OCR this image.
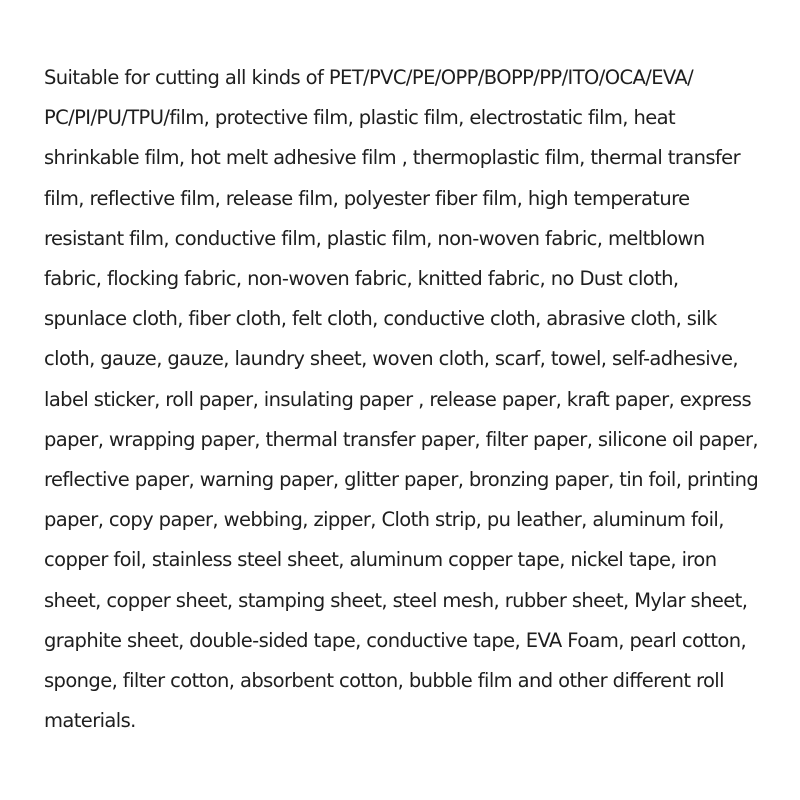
Suitable for cutting all kinds of PET/PVC/PE/OPP/BOPP/PP/ITO/OCA/EVA/
PC/PI/PU/TPU/film, protective film, plastic film, electrostatic film, heat
shrinkable film, hot melt adhesive film , thermoplastic film, thermal transfer
film, reflective film, release film, polyester fiber film, high temperature
resistant film, conductive film, plastic film, non-woven fabric, meltblown
fabric, flocking fabric, non-woven fabric, knitted fabric, no Dust cloth,
spunlace cloth, fiber cloth, felt cloth, conductive cloth, abrasive cloth, silk
cloth, gauze, gauze, laundry sheet, woven cloth, scarf, towel, self-adhesive,
label sticker, roll paper, insulating paper , release paper, kraft paper, express
paper, wrapping paper, thermal transfer paper, filter paper, silicone oil paper,
reflective paper, warning paper, glitter paper, bronzing paper, tin foil, printing
paper, copy paper, webbing, zipper, Cloth strip, pu leather, aluminum foil,
copper foil, stainless steel sheet, aluminum copper tape, nickel tape, iron
sheet, copper sheet, stamping sheet, steel mesh, rubber sheet, Mylar sheet,
graphite sheet, double-sided tape, conductive tape, EVA Foam, pearl cotton,
sponge, filter cotton, absorbent cotton, bubble film and other different roll
materials.
